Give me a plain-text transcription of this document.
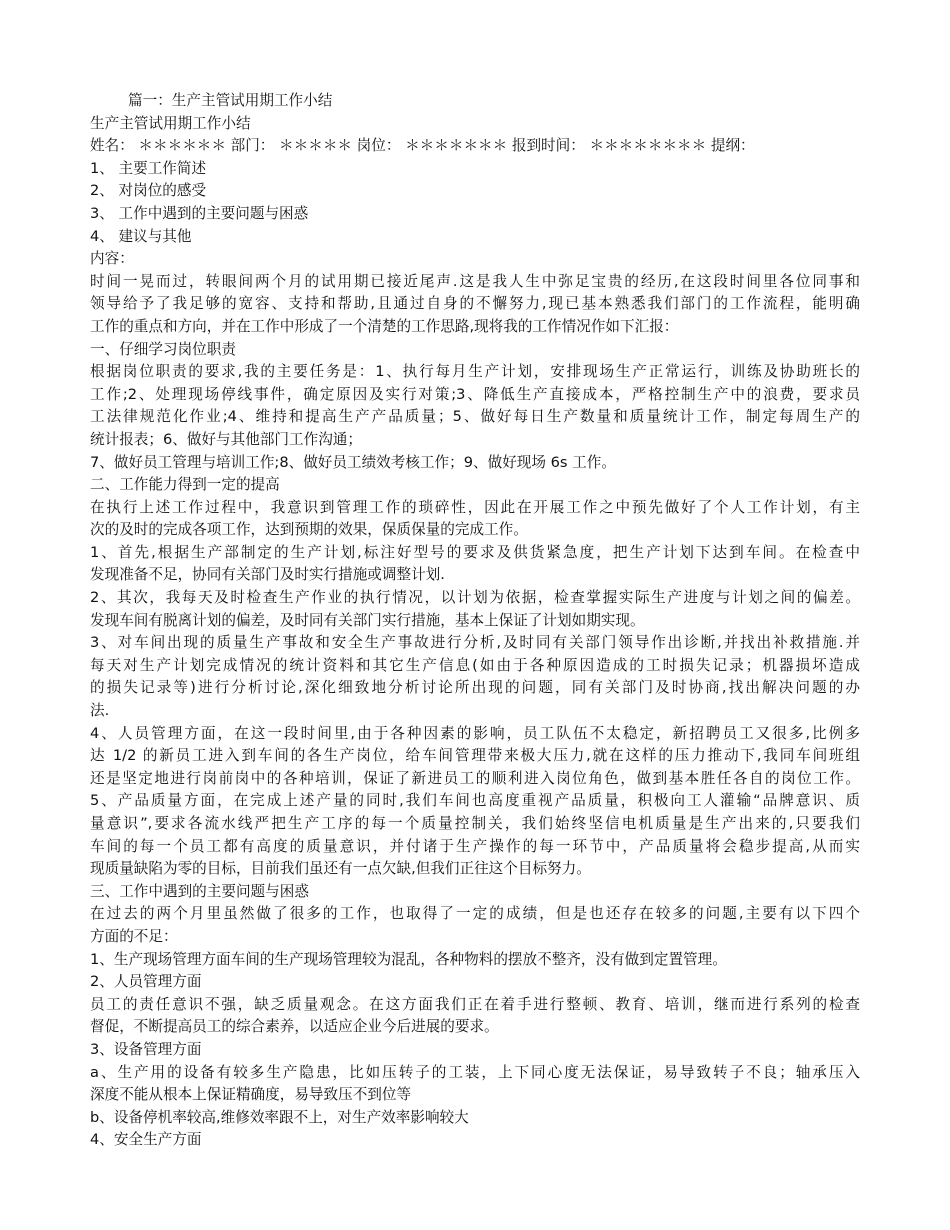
篇一：生产主管试用期工作小结
生产主管试用期工作小结
姓名： ＊＊＊＊＊＊ 部门： ＊＊＊＊＊ 岗位： ＊＊＊＊＊＊＊ 报到时间： ＊＊＊＊＊＊＊＊ 提纲：
1、 主要工作简述
2、 对岗位的感受
3、 工作中遇到的主要问题与困惑
4、 建议与其他
内容：
时间一晃而过，转眼间两个月的试用期已接近尾声.这是我人生中弥足宝贵的经历,在这段时间里各位同事和
领导给予了我足够的宽容、支持和帮助,且通过自身的不懈努力,现已基本熟悉我们部门的工作流程，能明确
工作的重点和方向，并在工作中形成了一个清楚的工作思路,现将我的工作情况作如下汇报：
一、仔细学习岗位职责
根据岗位职责的要求,我的主要任务是：1、执行每月生产计划，安排现场生产正常运行，训练及协助班长的
工作;2、处理现场停线事件，确定原因及实行对策;3、降低生产直接成本，严格控制生产中的浪费，要求员
工法律规范化作业;4、维持和提高生产产品质量；5、做好每日生产数量和质量统计工作，制定每周生产的
统计报表；6、做好与其他部门工作沟通；
7、做好员工管理与培训工作;8、做好员工绩效考核工作；9、做好现场 6s 工作。
二、工作能力得到一定的提高
在执行上述工作过程中，我意识到管理工作的琐碎性，因此在开展工作之中预先做好了个人工作计划，有主
次的及时的完成各项工作，达到预期的效果，保质保量的完成工作。
1、首先,根据生产部制定的生产计划,标注好型号的要求及供货紧急度，把生产计划下达到车间。在检查中
发现准备不足，协同有关部门及时实行措施或调整计划.
2、其次，我每天及时检查生产作业的执行情况，以计划为依据，检查掌握实际生产进度与计划之间的偏差。
发现车间有脱离计划的偏差，及时同有关部门实行措施，基本上保证了计划如期实现。
3、对车间出现的质量生产事故和安全生产事故进行分析,及时同有关部门领导作出诊断,并找出补救措施.并
每天对生产计划完成情况的统计资料和其它生产信息(如由于各种原因造成的工时损失记录；机器损坏造成
的损失记录等)进行分析讨论,深化细致地分析讨论所出现的问题，同有关部门及时协商,找出解决问题的办
法.
4、人员管理方面，在这一段时间里,由于各种因素的影响，员工队伍不太稳定，新招聘员工又很多,比例多
达 1/2 的新员工进入到车间的各生产岗位，给车间管理带来极大压力,就在这样的压力推动下,我同车间班组
还是坚定地进行岗前岗中的各种培训，保证了新进员工的顺利进入岗位角色，做到基本胜任各自的岗位工作。
5、产品质量方面，在完成上述产量的同时,我们车间也高度重视产品质量，积极向工人灌输“品牌意识、质
量意识”,要求各流水线严把生产工序的每一个质量控制关，我们始终坚信电机质量是生产出来的,只要我们
车间的每一个员工都有高度的质量意识，并付诸于生产操作的每一环节中，产品质量将会稳步提高,从而实
现质量缺陷为零的目标，目前我们虽还有一点欠缺,但我们正往这个目标努力。
三、工作中遇到的主要问题与困惑
在过去的两个月里虽然做了很多的工作，也取得了一定的成绩，但是也还存在较多的问题,主要有以下四个
方面的不足：
1、生产现场管理方面车间的生产现场管理较为混乱，各种物料的摆放不整齐，没有做到定置管理。
2、人员管理方面
员工的责任意识不强，缺乏质量观念。在这方面我们正在着手进行整顿、教育、培训，继而进行系列的检查
督促，不断提高员工的综合素养，以适应企业今后进展的要求。
3、设备管理方面
a、生产用的设备有较多生产隐患，比如压转子的工装，上下同心度无法保证，易导致转子不良；轴承压入
深度不能从根本上保证精确度，易导致压不到位等
b、设备停机率较高,维修效率跟不上，对生产效率影响较大
4、安全生产方面
